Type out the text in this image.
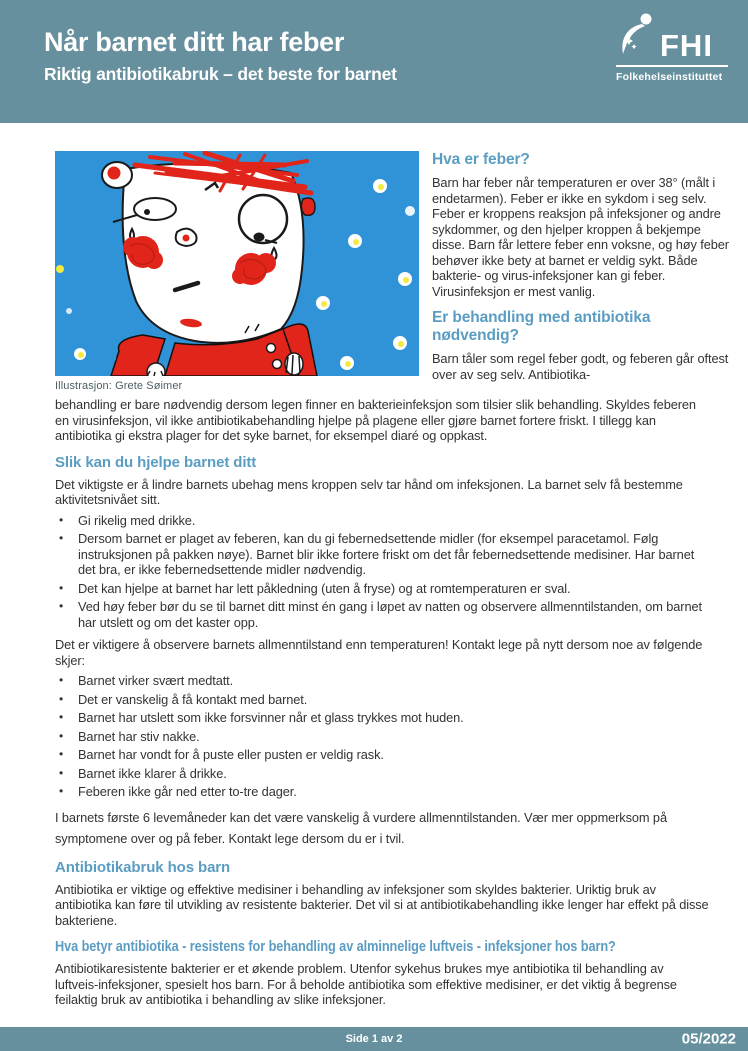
Når barnet ditt har feber
Riktig antibiotikabruk – det beste for barnet
FHI
Folkehelseinstituttet
Illustrasjon: Grete Søimer
Hva er feber?

Barn har feber når temperaturen er over 38° (målt i endetarmen). Feber er ikke en sykdom i seg selv. Feber er kroppens reaksjon på infeksjoner og andre sykdommer, og den hjelper kroppen å bekjempe disse. Barn får lettere feber enn voksne, og høy feber behøver ikke bety at barnet er veldig sykt. Både bakterie- og virus-infeksjoner kan gi feber. Virusinfeksjon er mest vanlig.

Er behandling med antibiotika nødvendig?

Barn tåler som regel feber godt, og feberen går oftest over av seg selv. Antibiotika-

behandling er bare nødvendig dersom legen finner en bakterieinfeksjon som tilsier slik behandling. Skyldes feberen en virusinfeksjon, vil ikke antibiotikabehandling hjelpe på plagene eller gjøre barnet fortere friskt. I tillegg kan antibiotika gi ekstra plager for det syke barnet, for eksempel diaré og oppkast.

Slik kan du hjelpe barnet ditt

Det viktigste er å lindre barnets ubehag mens kroppen selv tar hånd om infeksjonen. La barnet selv få bestemme aktivitetsnivået sitt.

• Gi rikelig med drikke.
• Dersom barnet er plaget av feberen, kan du gi febernedsettende midler (for eksempel paracetamol. Følg instruksjonen på pakken nøye). Barnet blir ikke fortere friskt om det får febernedsettende medisiner. Har barnet det bra, er ikke febernedsettende midler nødvendig.
• Det kan hjelpe at barnet har lett påkledning (uten å fryse) og at romtemperaturen er sval.
• Ved høy feber bør du se til barnet ditt minst én gang i løpet av natten og observere allmenntilstanden, om barnet har utslett og om det kaster opp.

Det er viktigere å observere barnets allmenntilstand enn temperaturen! Kontakt lege på nytt dersom noe av følgende skjer:

• Barnet virker svært medtatt.
• Det er vanskelig å få kontakt med barnet.
• Barnet har utslett som ikke forsvinner når et glass trykkes mot huden.
• Barnet har stiv nakke.
• Barnet har vondt for å puste eller pusten er veldig rask.
• Barnet ikke klarer å drikke.
• Feberen ikke går ned etter to-tre dager.

I barnets første 6 levemåneder kan det være vanskelig å vurdere allmenntilstanden. Vær mer oppmerksom på symptomene over og på feber. Kontakt lege dersom du er i tvil.

Antibiotikabruk hos barn

Antibiotika er viktige og effektive medisiner i behandling av infeksjoner som skyldes bakterier. Uriktig bruk av antibiotika kan føre til utvikling av resistente bakterier. Det vil si at antibiotikabehandling ikke lenger har effekt på disse bakteriene.

Hva betyr antibiotika - resistens for behandling av alminnelige luftveis - infeksjoner hos barn?

Antibiotikaresistente bakterier er et økende problem. Utenfor sykehus brukes mye antibiotika til behandling av luftveis-infeksjoner, spesielt hos barn. For å beholde antibiotika som effektive medisiner, er det viktig å begrense feilaktig bruk av antibiotika i behandling av slike infeksjoner.

Side 1 av 2	05/2022
